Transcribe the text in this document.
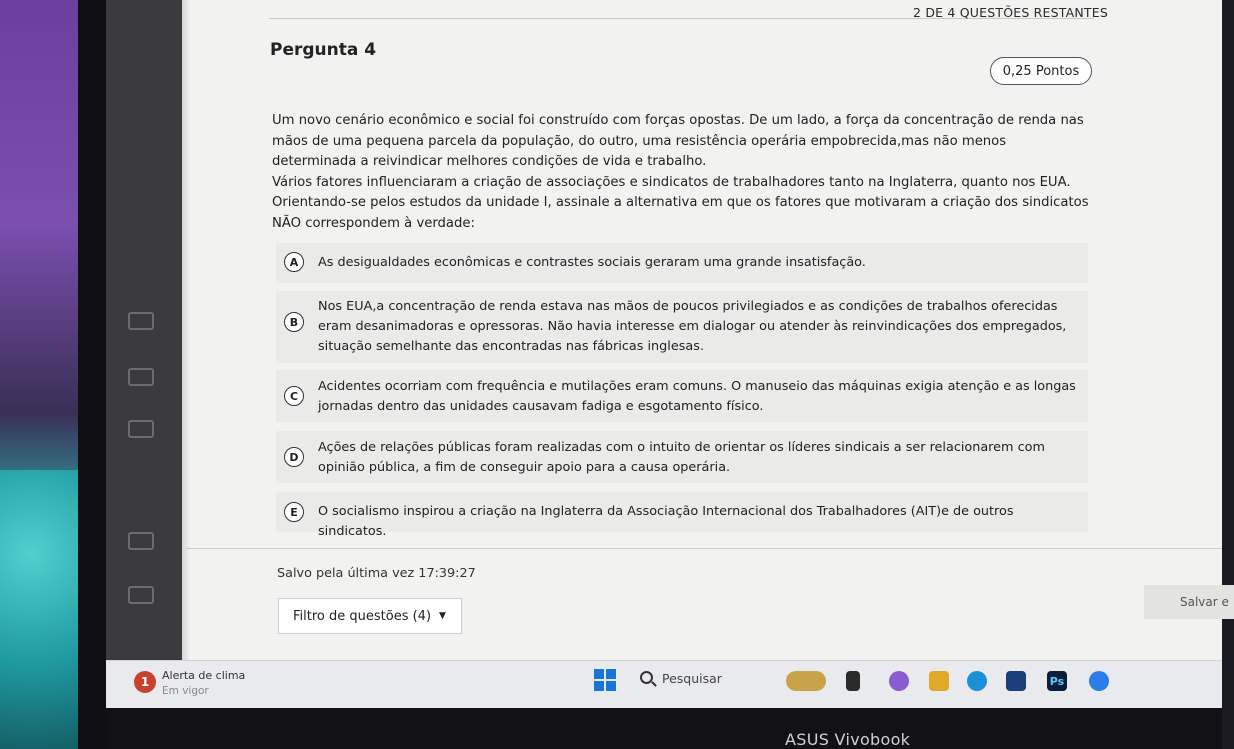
2 DE 4 QUESTÕES RESTANTES
Pergunta 4
0,25 Pontos

Um novo cenário econômico e social foi construído com forças opostas. De um lado, a força da concentração de renda nas mãos de uma pequena parcela da população, do outro, uma resistência operária empobrecida,mas não menos determinada a reivindicar melhores condições de vida e trabalho.

Vários fatores influenciaram a criação de associações e sindicatos de trabalhadores tanto na Inglaterra, quanto nos EUA.

Orientando-se pelos estudos da unidade I, assinale a alternativa em que os fatores que motivaram a criação dos sindicatos NÃO correspondem à verdade:

A	As desigualdades econômicas e contrastes sociais geraram uma grande insatisfação.
B
Nos EUA,a concentração de renda estava nas mãos de poucos privilegiados e as condições de trabalhos oferecidas eram desanimadoras e opressoras. Não havia interesse em dialogar ou atender às reinvindicações dos empregados, situação semelhante das encontradas nas fábricas inglesas.
C
Acidentes ocorriam com frequência e mutilações eram comuns. O manuseio das máquinas exigia atenção e as longas jornadas dentro das unidades causavam fadiga e esgotamento físico.
D
Ações de relações públicas foram realizadas com o intuito de orientar os líderes sindicais a ser relacionarem com opinião pública, a fim de conseguir apoio para a causa operária.
E	O socialismo inspirou a criação na Inglaterra da Associação Internacional dos Trabalhadores (AIT)e de outros sindicatos.
Salvo pela última vez 17:39:27
Filtro de questões (4) ▼
Salvar e
1	Alerta de clima
Em vigor
Pesquisar	Ps
ASUS Vivobook
